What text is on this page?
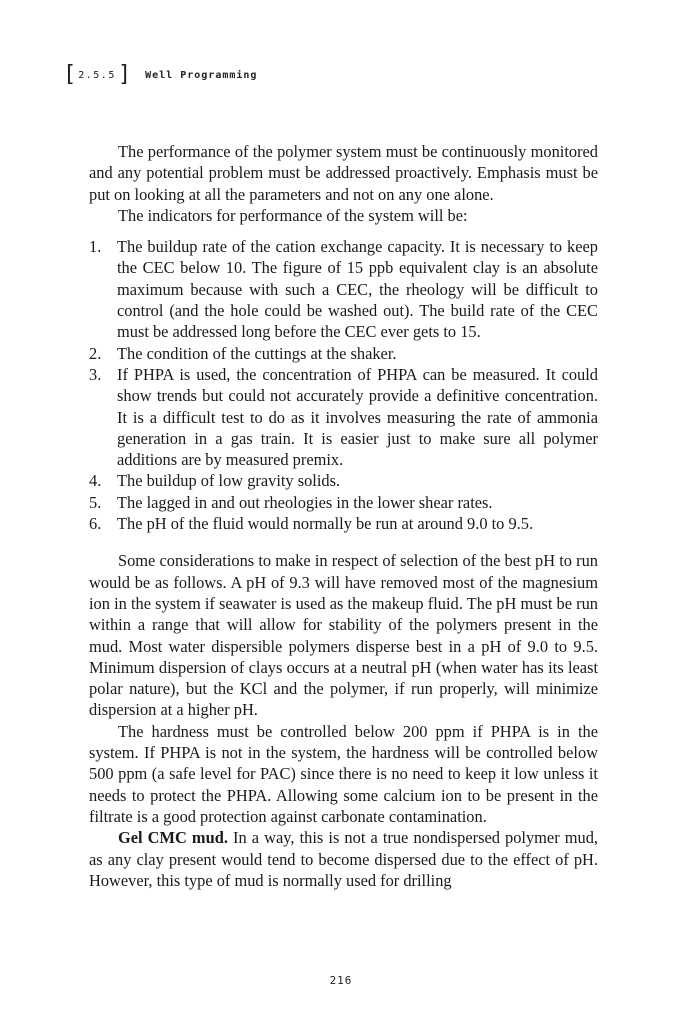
[ 2.5.5 ] Well Programming

The performance of the polymer system must be continuously monitored and any potential problem must be addressed proactively. Emphasis must be put on looking at all the parameters and not on any one alone.

The indicators for performance of the system will be:

1. The buildup rate of the cation exchange capacity. It is necessary to keep the CEC below 10. The figure of 15 ppb equivalent clay is an absolute maximum because with such a CEC, the rheology will be difficult to control (and the hole could be washed out). The build rate of the CEC must be addressed long before the CEC ever gets to 15.
2. The condition of the cuttings at the shaker.
3. If PHPA is used, the concentration of PHPA can be measured. It could show trends but could not accurately provide a definitive concentration. It is a difficult test to do as it involves measuring the rate of ammonia generation in a gas train. It is easier just to make sure all polymer additions are by measured premix.
4. The buildup of low gravity solids.
5. The lagged in and out rheologies in the lower shear rates.
6. The pH of the fluid would normally be run at around 9.0 to 9.5.

Some considerations to make in respect of selection of the best pH to run would be as follows. A pH of 9.3 will have removed most of the magnesium ion in the system if seawater is used as the makeup fluid. The pH must be run within a range that will allow for stability of the polymers present in the mud. Most water dispersible polymers disperse best in a pH of 9.0 to 9.5. Minimum dispersion of clays occurs at a neutral pH (when water has its least polar nature), but the KCl and the polymer, if run properly, will minimize dispersion at a higher pH.

The hardness must be controlled below 200 ppm if PHPA is in the system. If PHPA is not in the system, the hardness will be controlled below 500 ppm (a safe level for PAC) since there is no need to keep it low unless it needs to protect the PHPA. Allowing some calcium ion to be present in the filtrate is a good protection against carbonate contamination.

Gel CMC mud. In a way, this is not a true nondispersed polymer mud, as any clay present would tend to become dispersed due to the effect of pH. However, this type of mud is normally used for drilling

216
